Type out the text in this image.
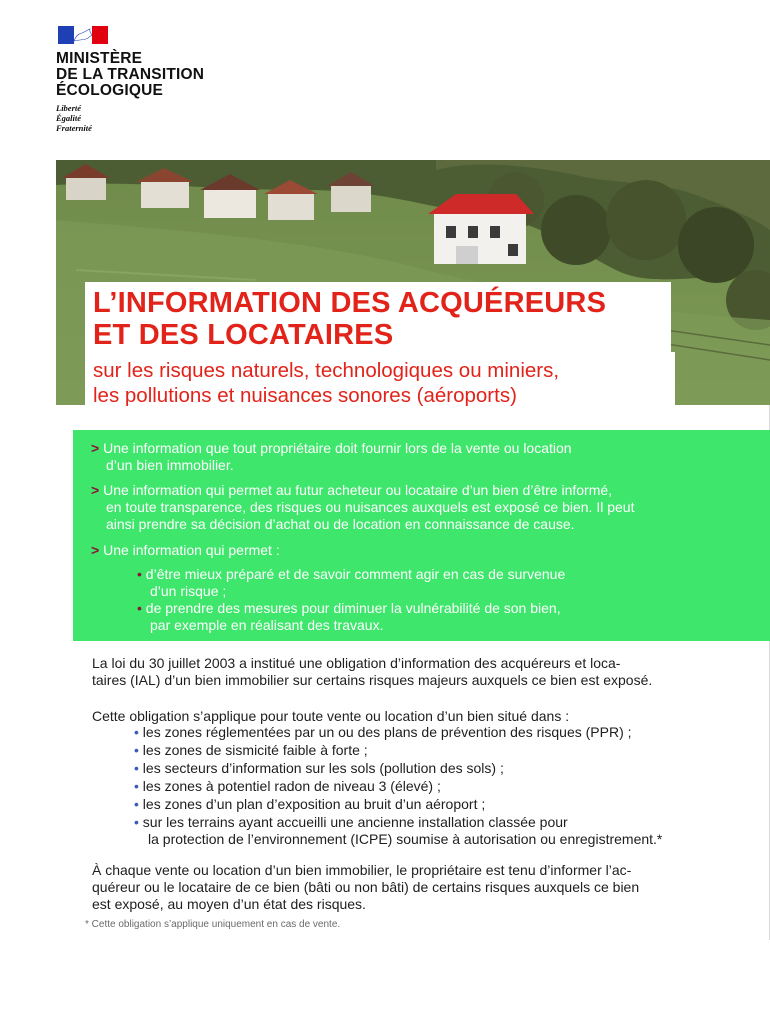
MINISTÈRE
DE LA TRANSITION
ÉCOLOGIQUE
Liberté
Égalité
Fraternité
L’INFORMATION DES ACQUÉREURS
ET DES LOCATAIRES
sur les risques naturels, technologiques ou miniers,
les pollutions et nuisances sonores (aéroports)
> Une information que tout propriétaire doit fournir lors de la vente ou location
d’un bien immobilier.
> Une information qui permet au futur acheteur ou locataire d’un bien d’être informé,
en toute transparence, des risques ou nuisances auxquels est exposé ce bien. Il peut
ainsi prendre sa décision d’achat ou de location en connaissance de cause.
> Une information qui permet :
• d’être mieux préparé et de savoir comment agir en cas de survenue
d’un risque ;
• de prendre des mesures pour diminuer la vulnérabilité de son bien,
par exemple en réalisant des travaux.
La loi du 30 juillet 2003 a institué une obligation d’information des acquéreurs et loca-
taires (IAL) d’un bien immobilier sur certains risques majeurs auxquels ce bien est exposé.
Cette obligation s’applique pour toute vente ou location d’un bien situé dans :
• les zones réglementées par un ou des plans de prévention des risques (PPR) ;
• les zones de sismicité faible à forte ;
• les secteurs d’information sur les sols (pollution des sols) ;
• les zones à potentiel radon de niveau 3 (élevé) ;
• les zones d’un plan d’exposition au bruit d’un aéroport ;
• sur les terrains ayant accueilli une ancienne installation classée pour
la protection de l’environnement (ICPE) soumise à autorisation ou enregistrement.*
À chaque vente ou location d’un bien immobilier, le propriétaire est tenu d’informer l’ac-
quéreur ou le locataire de ce bien (bâti ou non bâti) de certains risques auxquels ce bien
est exposé, au moyen d’un état des risques.
* Cette obligation s’applique uniquement en cas de vente.
